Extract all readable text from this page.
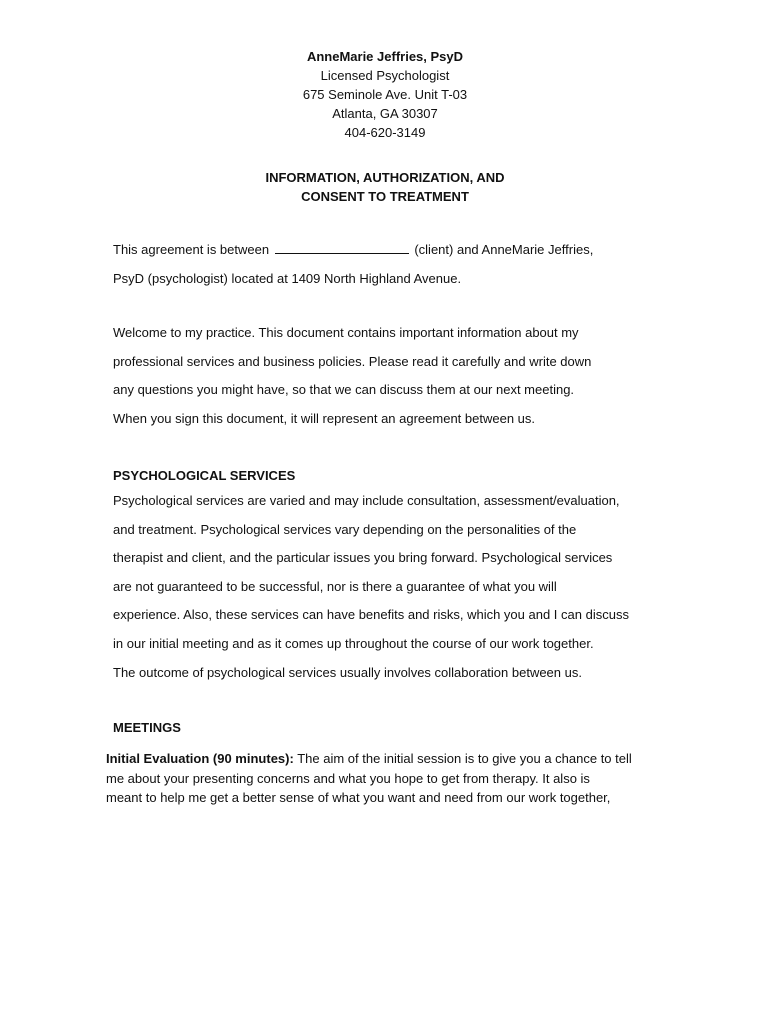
AnneMarie Jeffries, PsyD
Licensed Psychologist
675 Seminole Ave. Unit T-03
Atlanta, GA 30307
404-620-3149
INFORMATION, AUTHORIZATION, AND
CONSENT TO TREATMENT
This agreement is between	(client) and AnneMarie Jeffries,
PsyD (psychologist) located at 1409 North Highland Avenue.
Welcome to my practice. This document contains important information about my
professional services and business policies. Please read it carefully and write down
any questions you might have, so that we can discuss them at our next meeting.
When you sign this document, it will represent an agreement between us.
PSYCHOLOGICAL SERVICES
Psychological services are varied and may include consultation, assessment/evaluation,
and treatment. Psychological services vary depending on the personalities of the
therapist and client, and the particular issues you bring forward. Psychological services
are not guaranteed to be successful, nor is there a guarantee of what you will
experience. Also, these services can have benefits and risks, which you and I can discuss
in our initial meeting and as it comes up throughout the course of our work together.
The outcome of psychological services usually involves collaboration between us.
MEETINGS
Initial Evaluation (90 minutes): The aim of the initial session is to give you a chance to tell
me about your presenting concerns and what you hope to get from therapy. It also is
meant to help me get a better sense of what you want and need from our work together,
